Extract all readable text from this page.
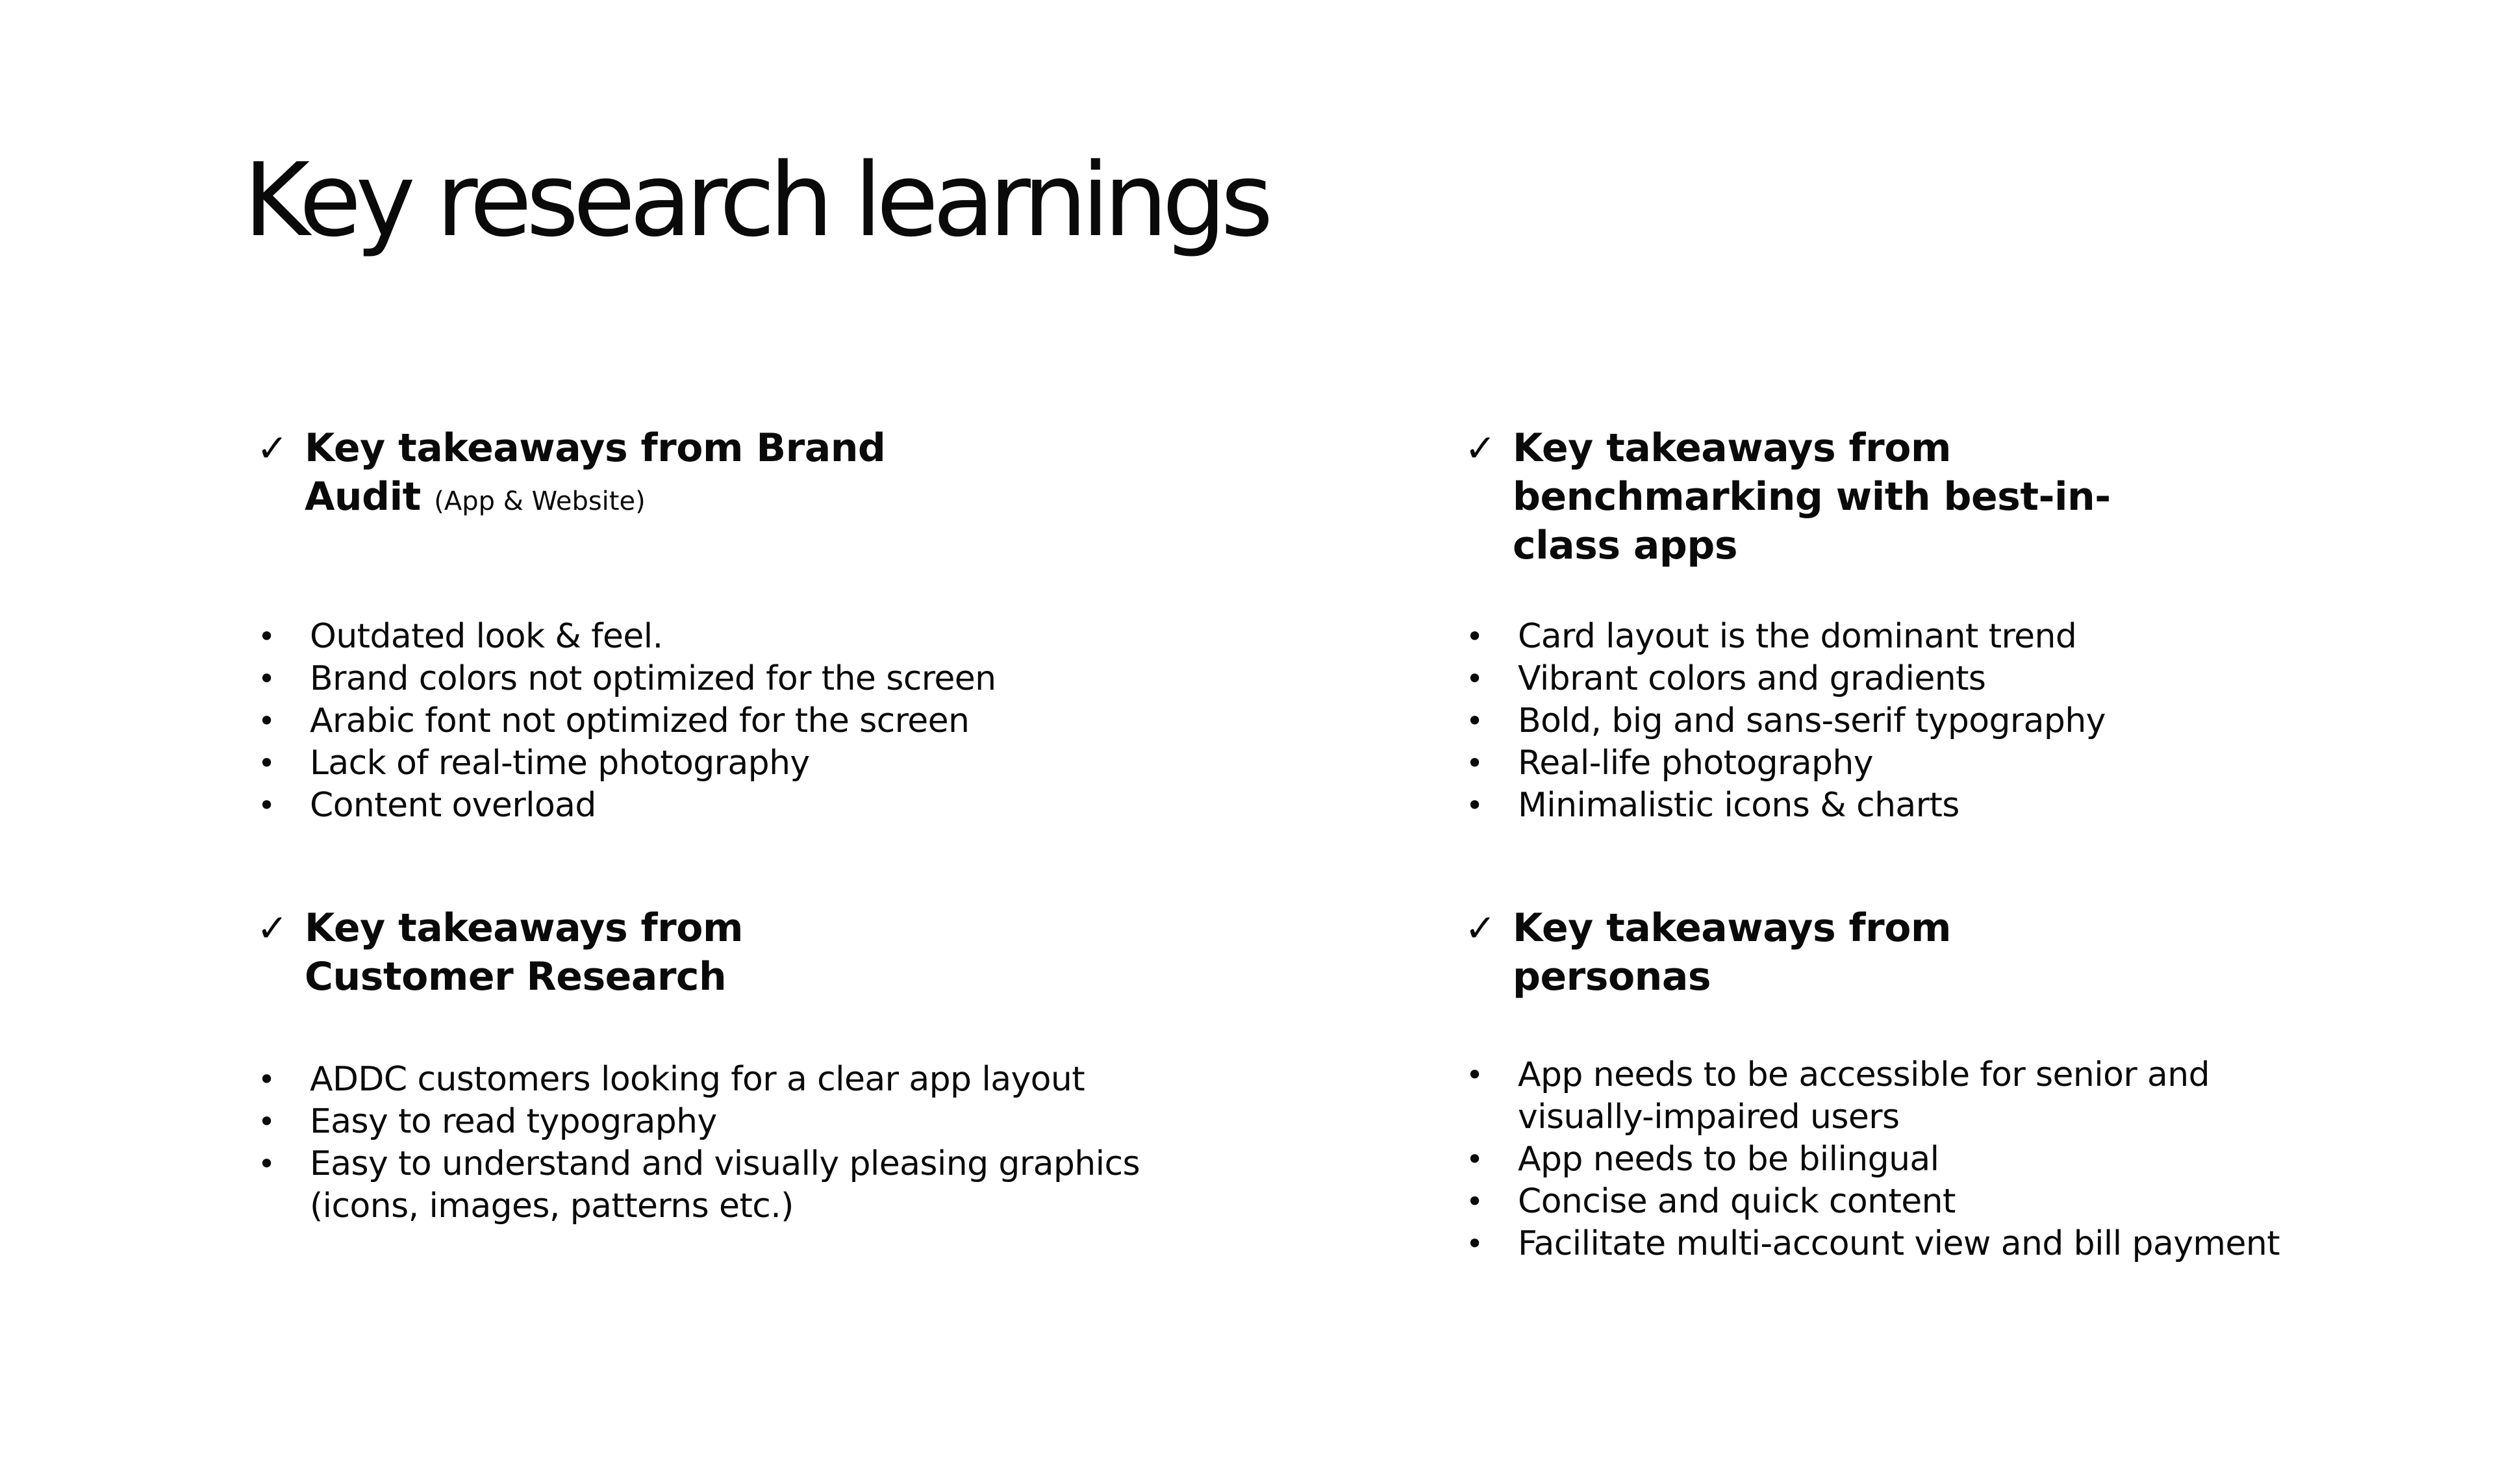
Key research learnings
✓ Key takeaways from Brand
Audit (App & Website)
• Outdated look & feel.
• Brand colors not optimized for the screen
• Arabic font not optimized for the screen
• Lack of real-time photography
• Content overload
✓ Key takeaways from
benchmarking with best-in-
class apps
• Card layout is the dominant trend
• Vibrant colors and gradients
• Bold, big and sans-serif typography
• Real-life photography
• Minimalistic icons & charts
✓ Key takeaways from
Customer Research
• ADDC customers looking for a clear app layout
• Easy to read typography
• Easy to understand and visually pleasing graphics
(icons, images, patterns etc.)
✓ Key takeaways from
personas
• App needs to be accessible for senior and
visually-impaired users
• App needs to be bilingual
• Concise and quick content
• Facilitate multi-account view and bill payment
